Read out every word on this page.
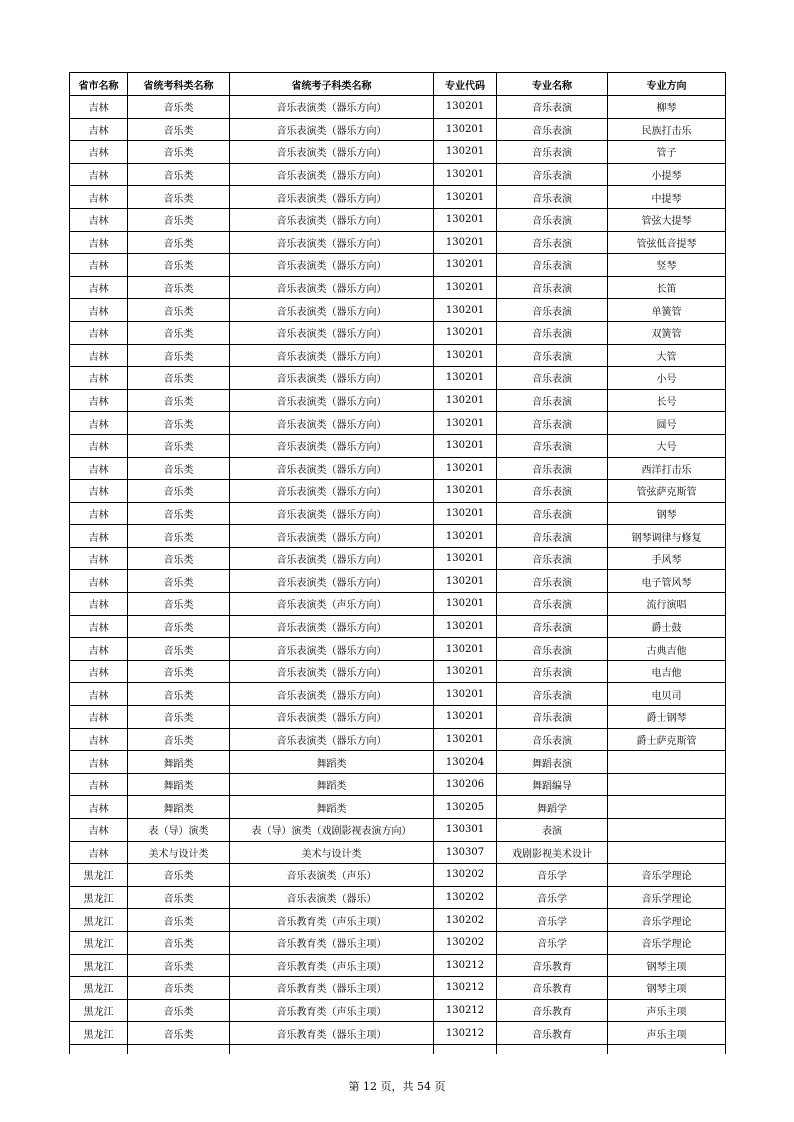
省市名称	省统考科类名称	省统考子科类名称	专业代码	专业名称	专业方向
吉林	音乐类	音乐表演类（器乐方向）	130201	音乐表演	柳琴
吉林	音乐类	音乐表演类（器乐方向）	130201	音乐表演	民族打击乐
吉林	音乐类	音乐表演类（器乐方向）	130201	音乐表演	管子
吉林	音乐类	音乐表演类（器乐方向）	130201	音乐表演	小提琴
吉林	音乐类	音乐表演类（器乐方向）	130201	音乐表演	中提琴
吉林	音乐类	音乐表演类（器乐方向）	130201	音乐表演	管弦大提琴
吉林	音乐类	音乐表演类（器乐方向）	130201	音乐表演	管弦低音提琴
吉林	音乐类	音乐表演类（器乐方向）	130201	音乐表演	竖琴
吉林	音乐类	音乐表演类（器乐方向）	130201	音乐表演	长笛
吉林	音乐类	音乐表演类（器乐方向）	130201	音乐表演	单簧管
吉林	音乐类	音乐表演类（器乐方向）	130201	音乐表演	双簧管
吉林	音乐类	音乐表演类（器乐方向）	130201	音乐表演	大管
吉林	音乐类	音乐表演类（器乐方向）	130201	音乐表演	小号
吉林	音乐类	音乐表演类（器乐方向）	130201	音乐表演	长号
吉林	音乐类	音乐表演类（器乐方向）	130201	音乐表演	圆号
吉林	音乐类	音乐表演类（器乐方向）	130201	音乐表演	大号
吉林	音乐类	音乐表演类（器乐方向）	130201	音乐表演	西洋打击乐
吉林	音乐类	音乐表演类（器乐方向）	130201	音乐表演	管弦萨克斯管
吉林	音乐类	音乐表演类（器乐方向）	130201	音乐表演	钢琴
吉林	音乐类	音乐表演类（器乐方向）	130201	音乐表演	钢琴调律与修复
吉林	音乐类	音乐表演类（器乐方向）	130201	音乐表演	手风琴
吉林	音乐类	音乐表演类（器乐方向）	130201	音乐表演	电子管风琴
吉林	音乐类	音乐表演类（声乐方向）	130201	音乐表演	流行演唱
吉林	音乐类	音乐表演类（器乐方向）	130201	音乐表演	爵士鼓
吉林	音乐类	音乐表演类（器乐方向）	130201	音乐表演	古典吉他
吉林	音乐类	音乐表演类（器乐方向）	130201	音乐表演	电吉他
吉林	音乐类	音乐表演类（器乐方向）	130201	音乐表演	电贝司
吉林	音乐类	音乐表演类（器乐方向）	130201	音乐表演	爵士钢琴
吉林	音乐类	音乐表演类（器乐方向）	130201	音乐表演	爵士萨克斯管
吉林	舞蹈类	舞蹈类	130204	舞蹈表演	
吉林	舞蹈类	舞蹈类	130206	舞蹈编导	
吉林	舞蹈类	舞蹈类	130205	舞蹈学	
吉林	表（导）演类	表（导）演类（戏剧影视表演方向）	130301	表演	
吉林	美术与设计类	美术与设计类	130307	戏剧影视美术设计	
黑龙江	音乐类	音乐表演类（声乐）	130202	音乐学	音乐学理论
黑龙江	音乐类	音乐表演类（器乐）	130202	音乐学	音乐学理论
黑龙江	音乐类	音乐教育类（声乐主项）	130202	音乐学	音乐学理论
黑龙江	音乐类	音乐教育类（器乐主项）	130202	音乐学	音乐学理论
黑龙江	音乐类	音乐教育类（声乐主项）	130212	音乐教育	钢琴主项
黑龙江	音乐类	音乐教育类（器乐主项）	130212	音乐教育	钢琴主项
黑龙江	音乐类	音乐教育类（声乐主项）	130212	音乐教育	声乐主项
黑龙江	音乐类	音乐教育类（器乐主项）	130212	音乐教育	声乐主项

第 12 页，共 54 页
